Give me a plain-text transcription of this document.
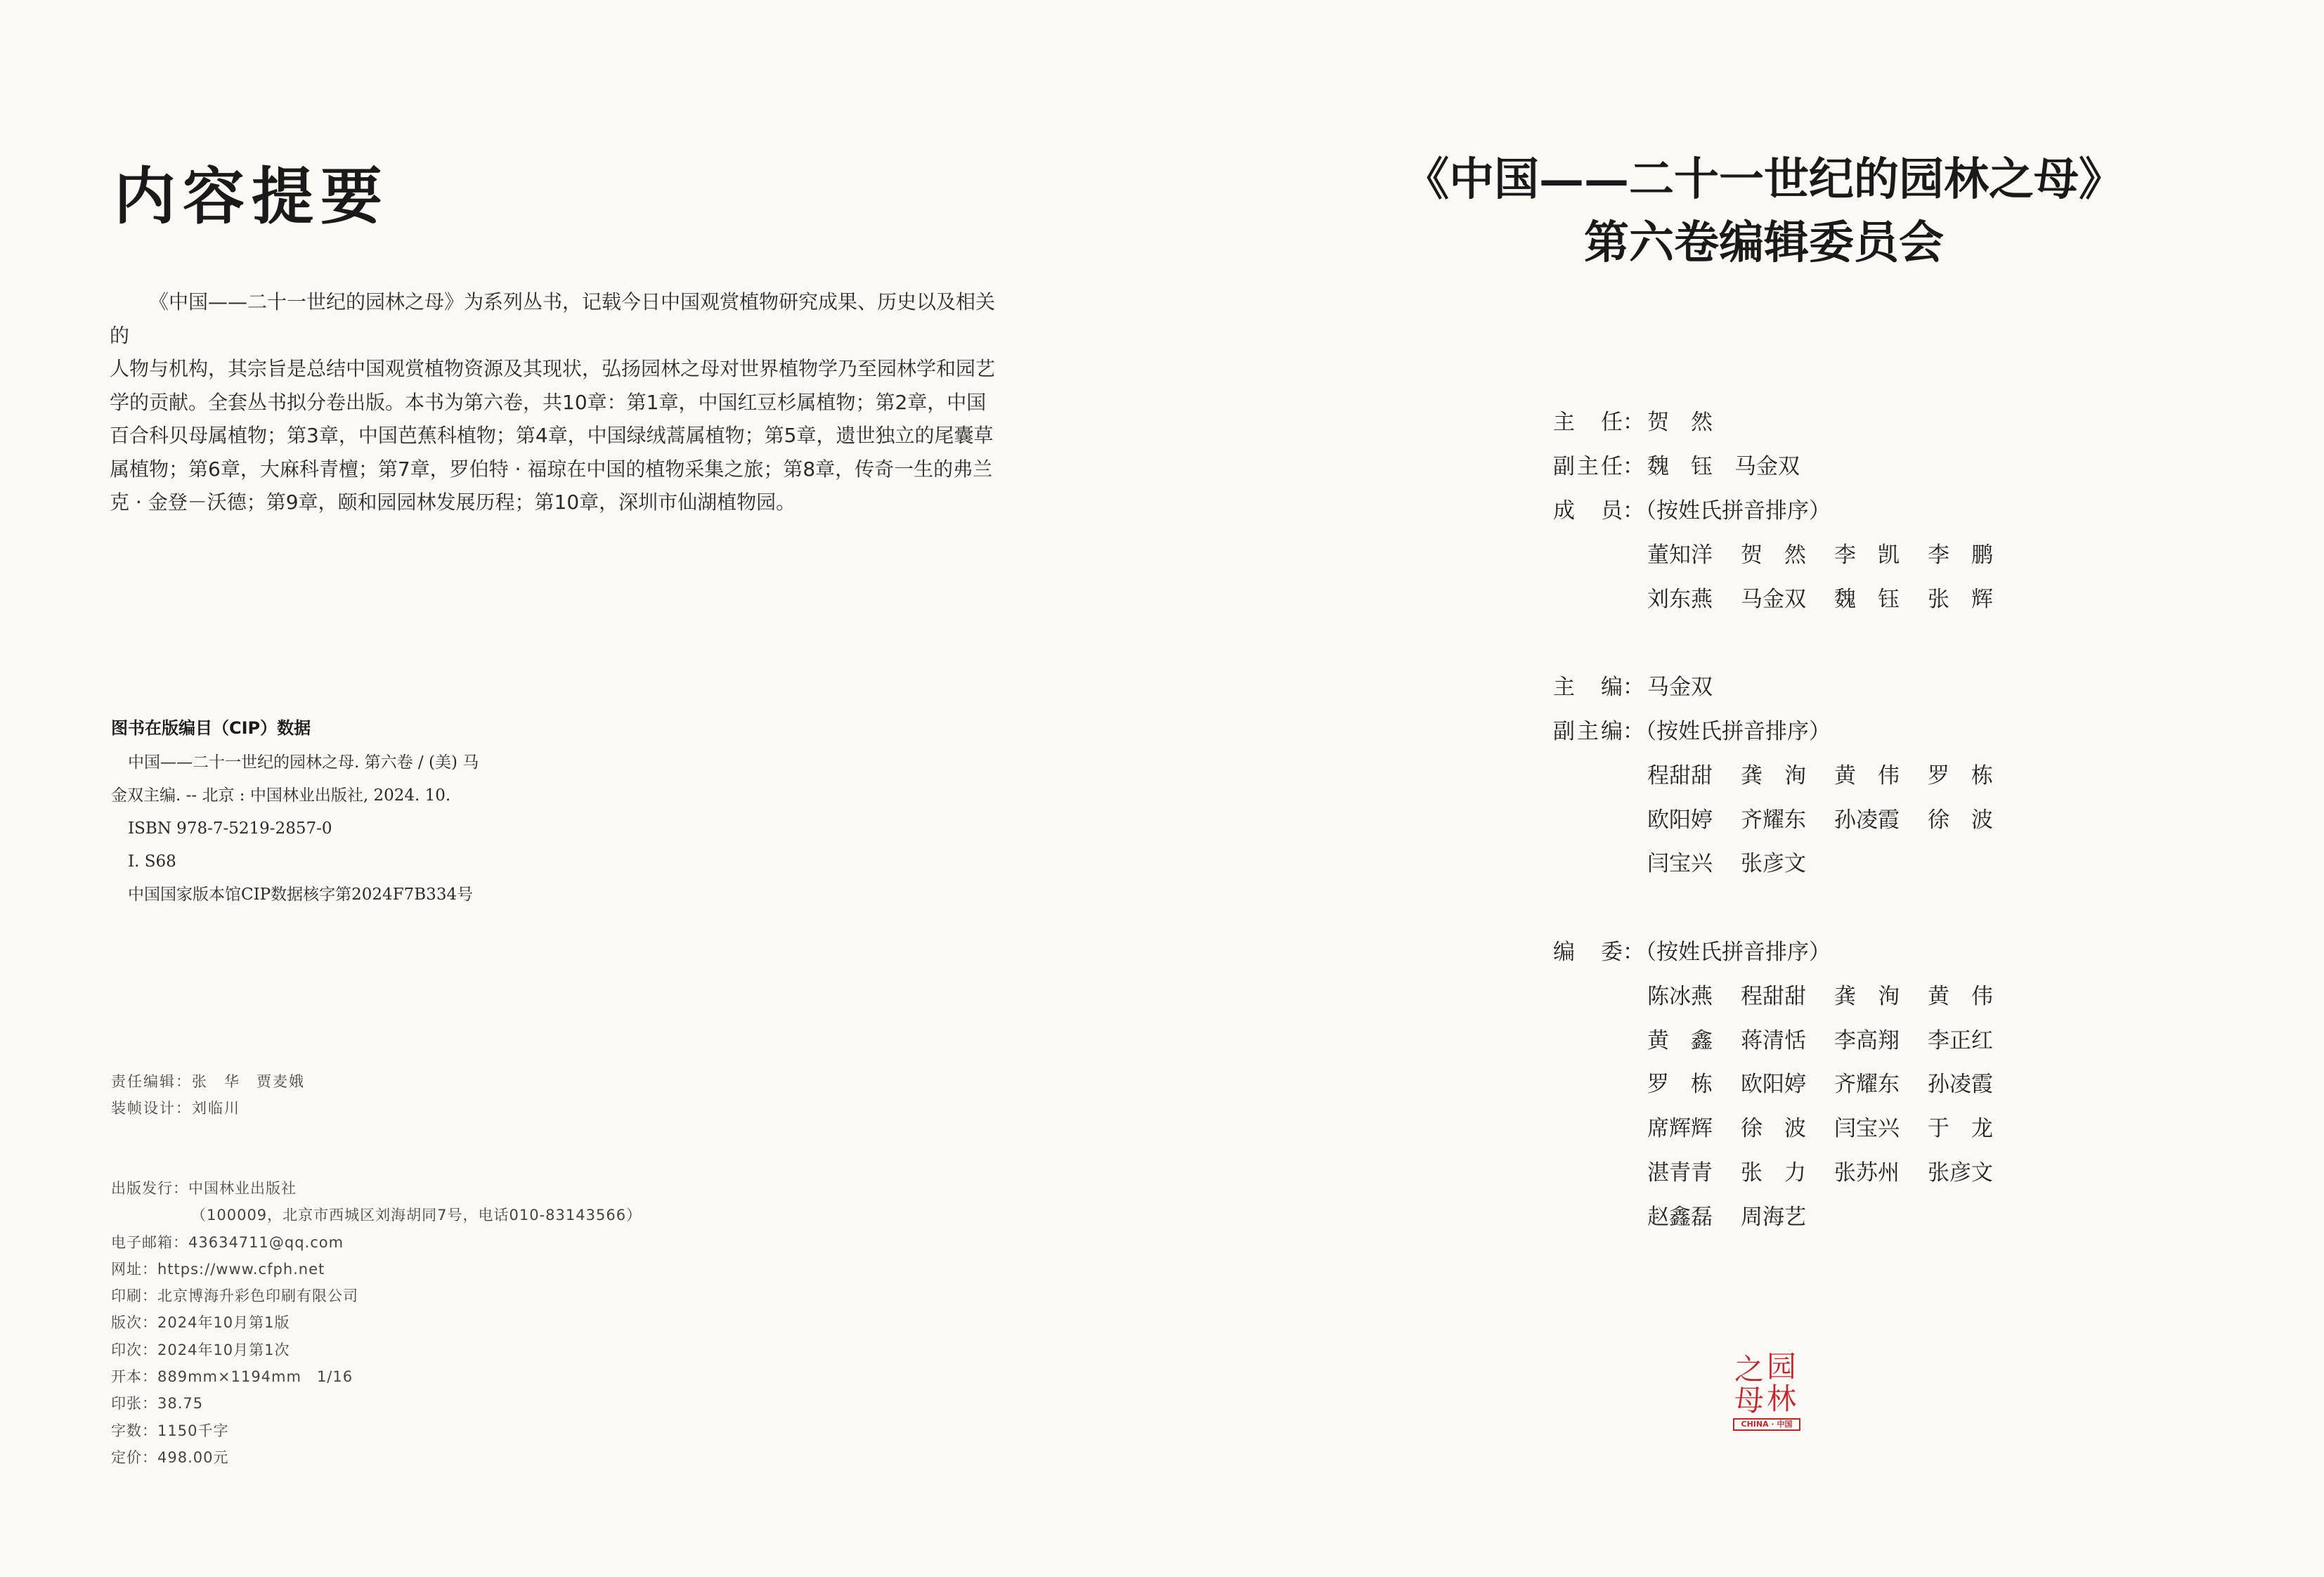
内容提要
《中国——二十一世纪的园林之母》为系列丛书，记载今日中国观赏植物研究成果、历史以及相关的
人物与机构，其宗旨是总结中国观赏植物资源及其现状，弘扬园林之母对世界植物学乃至园林学和园艺
学的贡献。全套丛书拟分卷出版。本书为第六卷，共10章：第1章，中国红豆杉属植物；第2章，中国
百合科贝母属植物；第3章，中国芭蕉科植物；第4章，中国绿绒蒿属植物；第5章，遗世独立的尾囊草
属植物；第6章，大麻科青檀；第7章，罗伯特 · 福琼在中国的植物采集之旅；第8章，传奇一生的弗兰
克 · 金登－沃德；第9章，颐和园园林发展历程；第10章，深圳市仙湖植物园。
图书在版编目（CIP）数据
中国——二十一世纪的园林之母. 第六卷 / (美) 马
金双主编. -- 北京 : 中国林业出版社, 2024. 10.
ISBN 978-7-5219-2857-0
Ⅰ. S68
中国国家版本馆CIP数据核字第2024F7B334号
责任编辑：张　华　贾麦娥
装帧设计：刘临川
出版发行：中国林业出版社
（100009，北京市西城区刘海胡同7号，电话010-83143566）
电子邮箱：43634711@qq.com
网址：https://www.cfph.net
印刷：北京博海升彩色印刷有限公司
版次：2024年10月第1版
印次：2024年10月第1次
开本：889mm×1194mm　1/16
印张：38.75
字数：1150千字
定价：498.00元
《中国——二十一世纪的园林之母》
第六卷编辑委员会
主 任： 贺　然
副 主 任： 魏　钰　马金双
成 员：
（按姓氏拼音排序）
董知洋 贺　然 李　凯 李　鹏
刘东燕 马金双 魏　钰 张　辉
主 编： 马金双
副 主 编：
（按姓氏拼音排序）
程甜甜 龚　洵 黄　伟 罗　栋
欧阳婷 齐耀东 孙凌霞 徐　波
闫宝兴 张彦文
编 委：
（按姓氏拼音排序）
陈冰燕 程甜甜 龚　洵 黄　伟
黄　鑫 蒋清恬 李高翔 李正红
罗　栋 欧阳婷 齐耀东 孙凌霞
席辉辉 徐　波 闫宝兴 于　龙
湛青青 张　力 张苏州 张彦文
赵鑫磊 周海艺
园
林
之
母
CHINA · 中国
